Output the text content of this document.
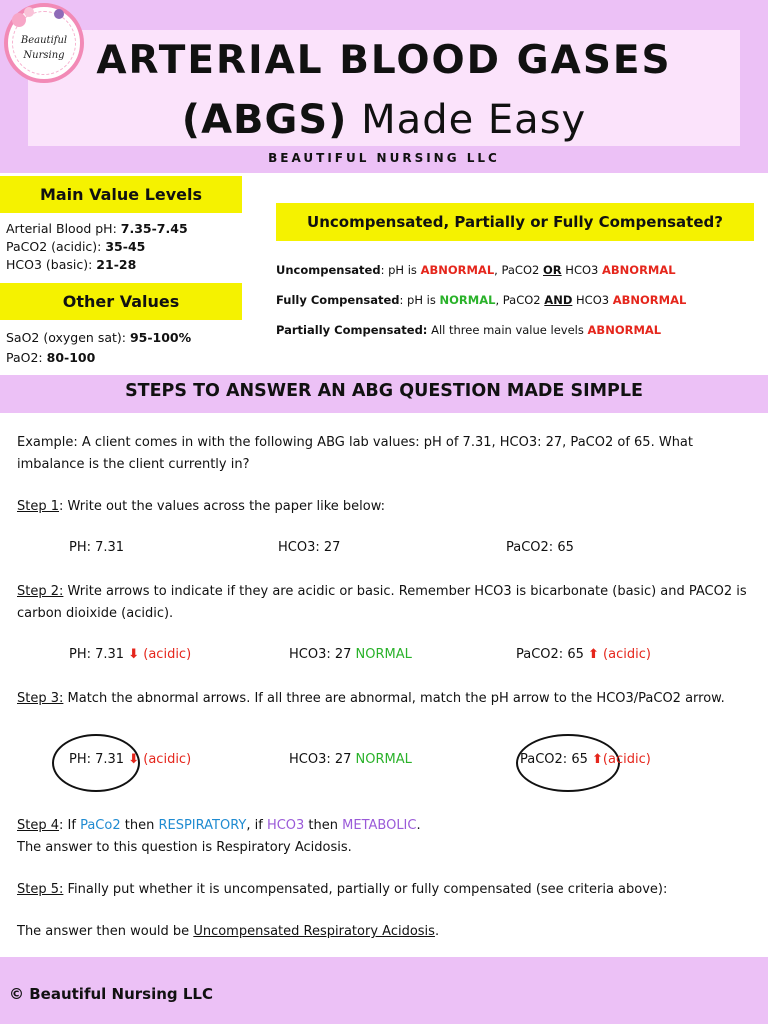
Beautiful
Nursing ARTERIAL BLOOD GASES
(ABGS) Made Easy
BEAUTIFUL NURSING LLC
Main Value Levels
Arterial Blood pH: 7.35-7.45
PaCO2 (acidic): 35-45
HCO3 (basic): 21-28
Other Values
SaO2 (oxygen sat): 95-100%
PaO2: 80-100
Uncompensated, Partially or Fully Compensated?
Uncompensated: pH is ABNORMAL, PaCO2 OR HCO3 ABNORMAL
Fully Compensated: pH is NORMAL, PaCO2 AND HCO3 ABNORMAL
Partially Compensated: All three main value levels ABNORMAL
STEPS TO ANSWER AN ABG QUESTION MADE SIMPLE
Example: A client comes in with the following ABG lab values: pH of 7.31, HCO3: 27, PaCO2 of 65. What imbalance is the client currently in?
Step 1: Write out the values across the paper like below:
PH: 7.31	HCO3: 27	PaCO2: 65
Step 2: Write arrows to indicate if they are acidic or basic. Remember HCO3 is bicarbonate (basic) and PACO2 is carbon dioixide (acidic).
PH: 7.31 ⬇ (acidic)	HCO3: 27 NORMAL	PaCO2: 65 ⬆ (acidic)
Step 3: Match the abnormal arrows. If all three are abnormal, match the pH arrow to the HCO3/PaCO2 arrow.
PH: 7.31 ⬇ (acidic)	HCO3: 27 NORMAL	PaCO2: 65 ⬆(acidic)
Step 4: If PaCo2 then RESPIRATORY, if HCO3 then METABOLIC.
The answer to this question is Respiratory Acidosis.
Step 5: Finally put whether it is uncompensated, partially or fully compensated (see criteria above):
The answer then would be Uncompensated Respiratory Acidosis.
© Beautiful Nursing LLC
